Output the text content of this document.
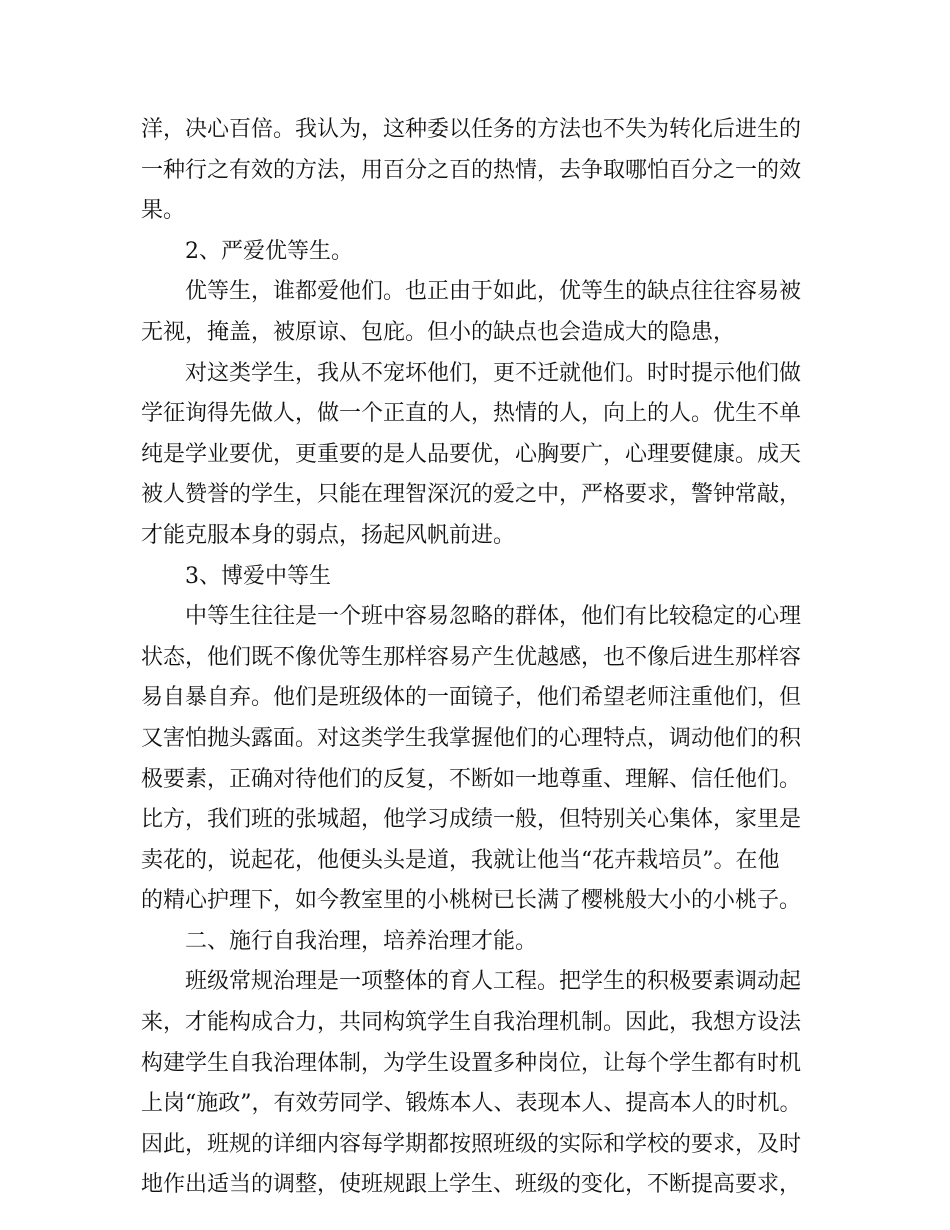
洋，决心百倍。我认为，这种委以任务的方法也不失为转化后进生的
一种行之有效的方法，用百分之百的热情，去争取哪怕百分之一的效
果。
2、严爱优等生。
优等生，谁都爱他们。也正由于如此，优等生的缺点往往容易被
无视，掩盖，被原谅、包庇。但小的缺点也会造成大的隐患，
对这类学生，我从不宠坏他们，更不迁就他们。时时提示他们做
学征询得先做人，做一个正直的人，热情的人，向上的人。优生不单
纯是学业要优，更重要的是人品要优，心胸要广，心理要健康。成天
被人赞誉的学生，只能在理智深沉的爱之中，严格要求，警钟常敲，
才能克服本身的弱点，扬起风帆前进。
3、博爱中等生
中等生往往是一个班中容易忽略的群体，他们有比较稳定的心理
状态，他们既不像优等生那样容易产生优越感，也不像后进生那样容
易自暴自弃。他们是班级体的一面镜子，他们希望老师注重他们，但
又害怕抛头露面。对这类学生我掌握他们的心理特点，调动他们的积
极要素，正确对待他们的反复，不断如一地尊重、理解、信任他们。
比方，我们班的张城超，他学习成绩一般，但特别关心集体，家里是
卖花的，说起花，他便头头是道，我就让他当“花卉栽培员”。在他
的精心护理下，如今教室里的小桃树已长满了樱桃般大小的小桃子。
二、施行自我治理，培养治理才能。
班级常规治理是一项整体的育人工程。把学生的积极要素调动起
来，才能构成合力，共同构筑学生自我治理机制。因此，我想方设法
构建学生自我治理体制，为学生设置多种岗位，让每个学生都有时机
上岗“施政”，有效劳同学、锻炼本人、表现本人、提高本人的时机。
因此，班规的详细内容每学期都按照班级的实际和学校的要求，及时
地作出适当的调整，使班规跟上学生、班级的变化，不断提高要求，
